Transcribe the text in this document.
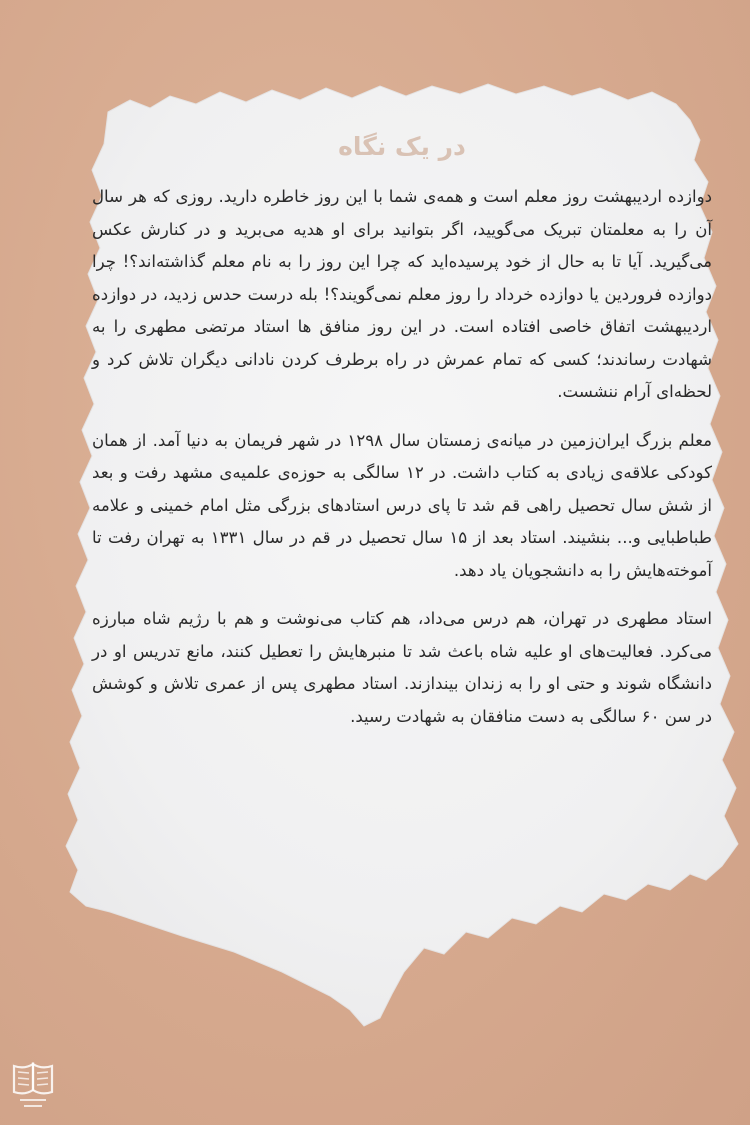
در یک نگاه

دوازده اردیبهشت روز معلم است و همه‌ی شما با این روز خاطره دارید. روزی که هر سال آن را به معلمتان تبریک می‌گویید، اگر بتوانید برای او هدیه می‌برید و در کنارش عکس می‌گیرید. آیا تا به حال از خود پرسیده‌اید که چرا این روز را به نام معلم گذاشته‌اند؟! چرا دوازده فروردین یا دوازده خرداد را روز معلم نمی‌گویند؟! بله درست حدس زدید، در دوازده اردیبهشت اتفاق خاصی افتاده است. در این روز منافق ها استاد مرتضی مطهری را به شهادت رساندند؛ کسی که تمام عمرش در راه برطرف کردن نادانی دیگران تلاش کرد و لحظه‌ای آرام ننشست.

معلم بزرگ ایران‌زمین در میانه‌ی زمستان سال ۱۲۹۸ در شهر فریمان به دنیا آمد. از همان کودکی علاقه‌ی زیادی به کتاب داشت. در ۱۲ سالگی به حوزه‌ی علمیه‌ی مشهد رفت و بعد از شش سال تحصیل راهی قم شد تا پای درس استادهای بزرگی مثل امام خمینی و علامه طباطبایی و... بنشیند. استاد بعد از ۱۵ سال تحصیل در قم در سال ۱۳۳۱ به تهران رفت تا آموخته‌هایش را به دانشجویان یاد دهد.

استاد مطهری در تهران، هم درس می‌داد، هم کتاب می‌نوشت و هم با رژیم شاه مبارزه می‌کرد. فعالیت‌های او علیه شاه باعث شد تا منبرهایش را تعطیل کنند، مانع تدریس او در دانشگاه شوند و حتی او را به زندان بیندازند. استاد مطهری پس از عمری تلاش و کوشش در سن ۶۰ سالگی به دست منافقان به شهادت رسید.
